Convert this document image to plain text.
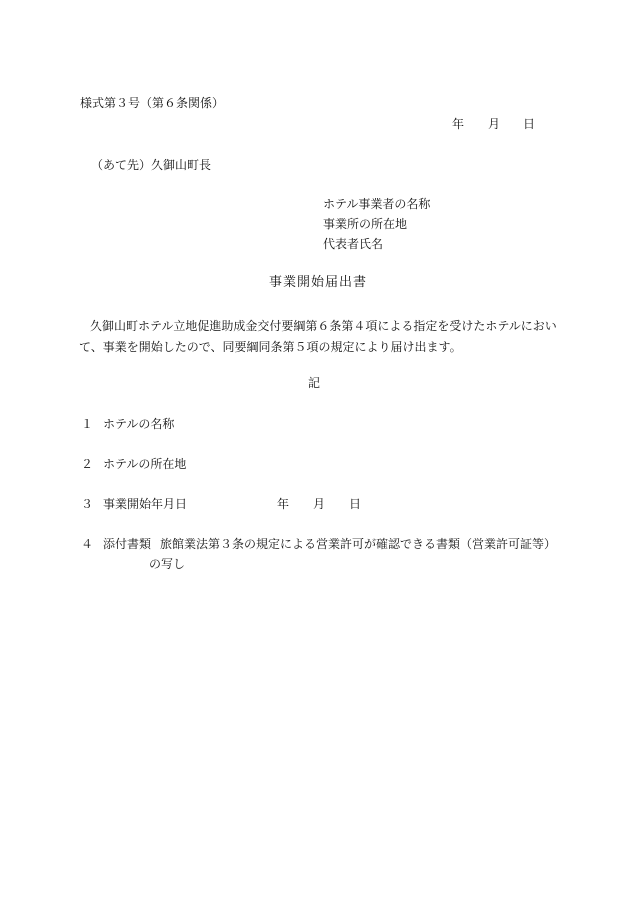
様式第３号（第６条関係）
年 月 日
（あて先）久御山町長
ホテル事業者の名称
事業所の所在地
代表者氏名
事業開始届出書
久御山町ホテル立地促進助成金交付要綱第６条第４項による指定を受けたホテルにおい
て、事業を開始したので、同要綱同条第５項の規定により届け出ます。
記
１ ホテルの名称
２ ホテルの所在地
３ 事業開始年月日	年 月 日
４ 添付書類 旅館業法第３条の規定による営業許可が確認できる書類（営業許可証等）
の写し
